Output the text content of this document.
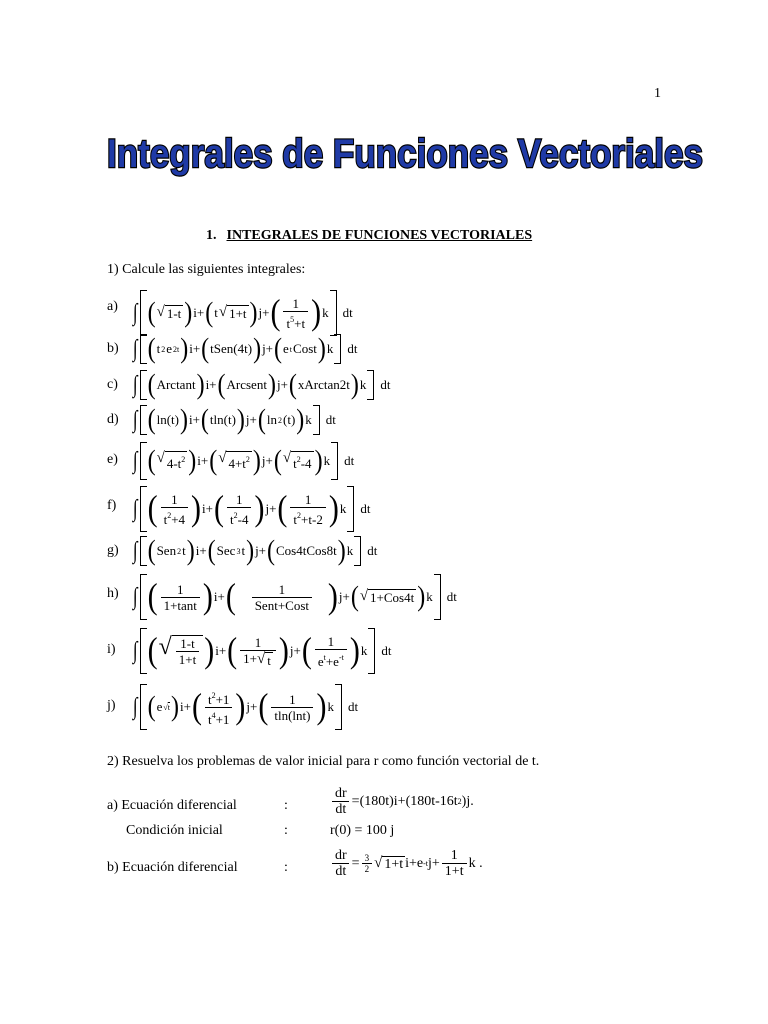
1
Integrales de Funciones Vectoriales
1. INTEGRALES DE FUNCIONES VECTORIALES
1) Calcule las siguientes integrales:
a) ∫ ( √ 1-t ) i+ ( t √ 1+t ) j+ ( $\frac{1}{t^5+t}$ ) k dt
b) ∫ ( t 2 e 2t ) i+ ( tSen(4t) ) j+ ( e t Cost ) k dt
c) ∫ ( Arctant ) i+ ( Arcsent ) j+ ( xArctan2t ) k dt
d) ∫ ( ln(t) ) i+ ( tln(t) ) j+ ( ln 2 (t) ) k dt
e) ∫ ( √ $4-t^2$ ) i+ ( √ $4+t^2$ ) j+ ( √ $t^2-4$ ) k dt
f) ∫ ( $\frac{1}{t^2+4}$ ) i+ ( $\frac{1}{t^2-4}$ ) j+ ( $\frac{1}{t^2+t-2}$ ) k dt
g) ∫ ( Sen 2 t ) i+ ( Sec 3 t ) j+ ( Cos4tCos8t ) k dt
h) ∫ ( $\frac{1}{1+\tan t}$ ) i+ ( $\frac{1}{\text{Sent+Cost}}$ ) j+ ( √ 1+Cos4t ) k dt
i) ∫ ( √ $\frac{1-t}{1+t}$ ) i+ ( $\frac{1}{1+ √ t}$ ) j+ ( $\frac{1}{e^t+e^{-t}}$ ) k dt
j) ∫ ( e √t ) i+ ( $\frac{t^2+1}{t^4+1}$ ) j+ ( $\frac{1}{tln(\ln t)}$ ) k dt
2) Resuelva los problemas de valor inicial para r como función vectorial de t.
a) Ecuación diferencial	:	$\frac{dr}{dt} =(180t)i+(180t-16t$ 2 )j.
Condición inicial	:	r(0) = 100 j
b) Ecuación diferencial	:	$\frac{dr}{dt} = \frac{3}{2}$ √ 1+t i+e -t $j+ \frac{1}{1+t}$ k .
